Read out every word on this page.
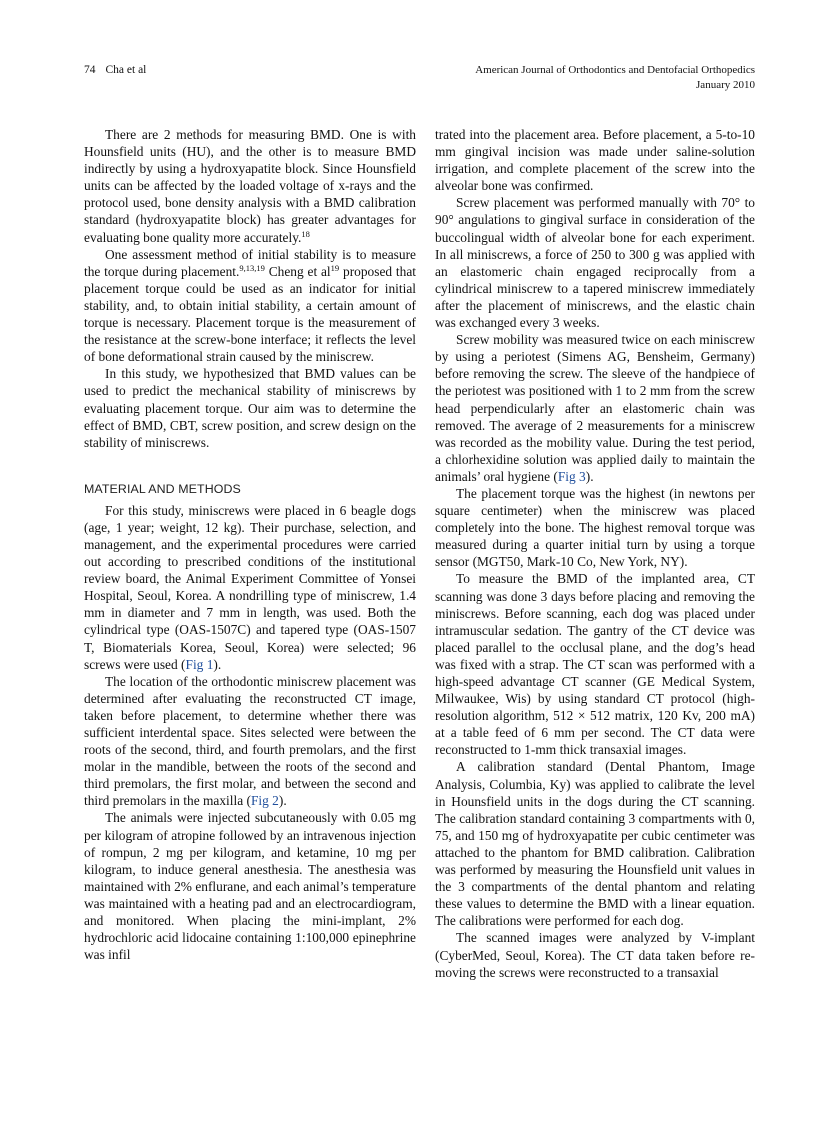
74 Cha et al	American Journal of Orthodontics and Dentofacial Orthopedics
January 2010

There are 2 methods for measuring BMD. One is with Hounsfield units (HU), and the other is to measure BMD indirectly by using a hydroxyapatite block. Since Hounsfield units can be affected by the loaded voltage of x-rays and the protocol used, bone density analysis with a BMD calibration standard (hydroxyapatite block) has greater advantages for evaluating bone quality more accurately.$^{18}$

One assessment method of initial stability is to measure the torque during placement.$^{9,13,19}$ Cheng et $al^{19}$ proposed that placement torque could be used as an indicator for initial stability, and, to obtain initial stability, a certain amount of torque is necessary. Placement torque is the measurement of the resistance at the screw-bone interface; it reflects the level of bone deformational strain caused by the miniscrew.

In this study, we hypothesized that BMD values can be used to predict the mechanical stability of miniscrews by evaluating placement torque. Our aim was to determine the effect of BMD, CBT, screw position, and screw design on the stability of miniscrews.

MATERIAL AND METHODS

For this study, miniscrews were placed in 6 beagle dogs (age, 1 year; weight, 12 kg). Their purchase, selection, and management, and the experimental procedures were carried out according to prescribed conditions of the institutional review board, the Animal Experiment Committee of Yonsei Hospital, Seoul, Korea. A nondrilling type of miniscrew, 1.4 mm in diameter and 7 mm in length, was used. Both the cylindrical type (OAS-1507C) and tapered type (OAS-1507 T, Biomaterials Korea, Seoul, Korea) were selected; 96 screws were used (Fig 1).

The location of the orthodontic miniscrew placement was determined after evaluating the reconstructed CT image, taken before placement, to determine whether there was sufficient interdental space. Sites selected were between the roots of the second, third, and fourth premolars, and the first molar in the mandible, between the roots of the second and third premolars, the first molar, and between the second and third premolars in the maxilla (Fig 2).

The animals were injected subcutaneously with 0.05 mg per kilogram of atropine followed by an intravenous injection of rompun, 2 mg per kilogram, and ketamine, 10 mg per kilogram, to induce general anesthesia. The anesthesia was maintained with 2% enflurane, and each animal’s temperature was maintained with a heating pad and an electrocardiogram, and monitored. When placing the mini-implant, 2% hydrochloric acid lidocaine containing 1:100,000 epinephrine was infil

trated into the placement area. Before placement, a 5-to-10 mm gingival incision was made under saline-solution irrigation, and complete placement of the screw into the alveolar bone was confirmed.

Screw placement was performed manually with 70° to 90° angulations to gingival surface in consideration of the buccolingual width of alveolar bone for each experiment. In all miniscrews, a force of 250 to 300 g was applied with an elastomeric chain engaged reciprocally from a cylindrical miniscrew to a tapered miniscrew immediately after the placement of miniscrews, and the elastic chain was exchanged every 3 weeks.

Screw mobility was measured twice on each miniscrew by using a periotest (Simens AG, Bensheim, Germany) before removing the screw. The sleeve of the handpiece of the periotest was positioned with 1 to 2 mm from the screw head perpendicularly after an elastomeric chain was removed. The average of 2 measurements for a miniscrew was recorded as the mobility value. During the test period, a chlorhexidine solution was applied daily to maintain the animals’ oral hygiene (Fig 3).

The placement torque was the highest (in newtons per square centimeter) when the miniscrew was placed completely into the bone. The highest removal torque was measured during a quarter initial turn by using a torque sensor (MGT50, Mark-10 Co, New York, NY).

To measure the BMD of the implanted area, CT scanning was done 3 days before placing and removing the miniscrews. Before scanning, each dog was placed under intramuscular sedation. The gantry of the CT device was placed parallel to the occlusal plane, and the dog’s head was fixed with a strap. The CT scan was performed with a high-speed advantage CT scanner (GE Medical System, Milwaukee, Wis) by using standard CT protocol (high-resolution algorithm, 512 × 512 matrix, 120 Kv, 200 mA) at a table feed of 6 mm per second. The CT data were reconstructed to 1-mm thick transaxial images.

A calibration standard (Dental Phantom, Image Analysis, Columbia, Ky) was applied to calibrate the level in Hounsfield units in the dogs during the CT scanning. The calibration standard containing 3 compartments with 0, 75, and 150 mg of hydroxyapatite per cubic centimeter was attached to the phantom for BMD calibration. Calibration was performed by measuring the Hounsfield unit values in the 3 compartments of the dental phantom and relating these values to determine the BMD with a linear equation. The calibrations were performed for each dog.

The scanned images were analyzed by V-implant (CyberMed, Seoul, Korea). The CT data taken before removing the screws were reconstructed to a transaxial
